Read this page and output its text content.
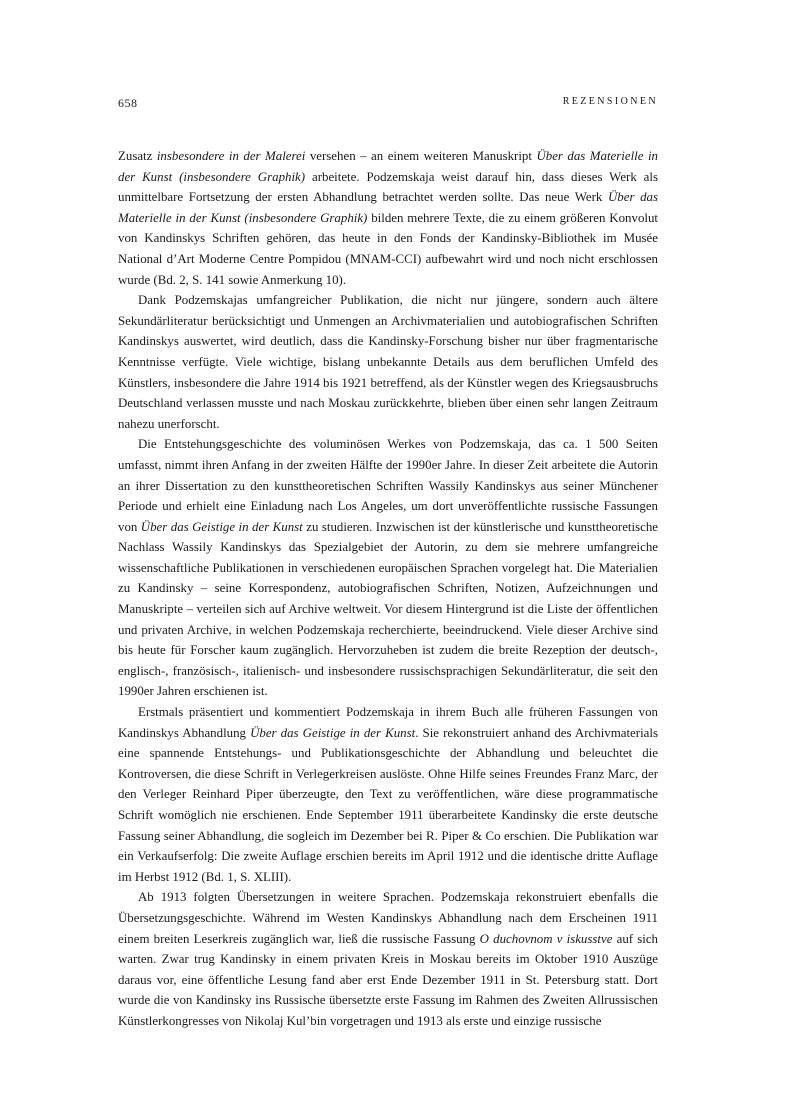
658	REZENSIONEN

Zusatz insbesondere in der Malerei versehen – an einem weiteren Manuskript Über das Materielle in der Kunst (insbesondere Graphik) arbeitete. Podzemskaja weist darauf hin, dass dieses Werk als unmittelbare Fortsetzung der ersten Abhandlung betrachtet werden sollte. Das neue Werk Über das Materielle in der Kunst (insbesondere Graphik) bilden mehrere Texte, die zu einem größeren Konvolut von Kandinskys Schriften gehören, das heute in den Fonds der Kandinsky-Bibliothek im Musée National d’Art Moderne Centre Pompidou (MNAM-CCI) aufbewahrt wird und noch nicht erschlossen wurde (Bd. 2, S. 141 sowie Anmerkung 10).

Dank Podzemskajas umfangreicher Publikation, die nicht nur jüngere, sondern auch ältere Sekundärliteratur berücksichtigt und Unmengen an Archivmaterialien und autobiografischen Schriften Kandinskys auswertet, wird deutlich, dass die Kandinsky-Forschung bisher nur über fragmentarische Kenntnisse verfügte. Viele wichtige, bislang unbekannte Details aus dem beruflichen Umfeld des Künstlers, insbesondere die Jahre 1914 bis 1921 betreffend, als der Künstler wegen des Kriegsausbruchs Deutschland verlassen musste und nach Moskau zurückkehrte, blieben über einen sehr langen Zeitraum nahezu unerforscht.

Die Entstehungsgeschichte des voluminösen Werkes von Podzemskaja, das ca. 1 500 Seiten umfasst, nimmt ihren Anfang in der zweiten Hälfte der 1990er Jahre. In dieser Zeit arbeitete die Autorin an ihrer Dissertation zu den kunsttheoretischen Schriften Wassily Kandinskys aus seiner Münchener Periode und erhielt eine Einladung nach Los Angeles, um dort unveröffentlichte russische Fassungen von Über das Geistige in der Kunst zu studieren. Inzwischen ist der künstlerische und kunsttheoretische Nachlass Wassily Kandinskys das Spezialgebiet der Autorin, zu dem sie mehrere umfangreiche wissenschaftliche Publikationen in verschiedenen europäischen Sprachen vorgelegt hat. Die Materialien zu Kandinsky – seine Korrespondenz, autobiografischen Schriften, Notizen, Aufzeichnungen und Manuskripte – verteilen sich auf Archive weltweit. Vor diesem Hintergrund ist die Liste der öffentlichen und privaten Archive, in welchen Podzemskaja recherchierte, beeindruckend. Viele dieser Archive sind bis heute für Forscher kaum zugänglich. Hervorzuheben ist zudem die breite Rezeption der deutsch-, englisch-, französisch-, italienisch- und insbesondere russischsprachigen Sekundärliteratur, die seit den 1990er Jahren erschienen ist.

Erstmals präsentiert und kommentiert Podzemskaja in ihrem Buch alle früheren Fassungen von Kandinskys Abhandlung Über das Geistige in der Kunst. Sie rekonstruiert anhand des Archivmaterials eine spannende Entstehungs- und Publikationsgeschichte der Abhandlung und beleuchtet die Kontroversen, die diese Schrift in Verlegerkreisen auslöste. Ohne Hilfe seines Freundes Franz Marc, der den Verleger Reinhard Piper überzeugte, den Text zu veröffentlichen, wäre diese programmatische Schrift womöglich nie erschienen. Ende September 1911 überarbeitete Kandinsky die erste deutsche Fassung seiner Abhandlung, die sogleich im Dezember bei R. Piper & Co erschien. Die Publikation war ein Verkaufserfolg: Die zweite Auflage erschien bereits im April 1912 und die identische dritte Auflage im Herbst 1912 (Bd. 1, S. XLIII).

Ab 1913 folgten Übersetzungen in weitere Sprachen. Podzemskaja rekonstruiert ebenfalls die Übersetzungsgeschichte. Während im Westen Kandinskys Abhandlung nach dem Erscheinen 1911 einem breiten Leserkreis zugänglich war, ließ die russische Fassung O duchovnom v iskusstve auf sich warten. Zwar trug Kandinsky in einem privaten Kreis in Moskau bereits im Oktober 1910 Auszüge daraus vor, eine öffentliche Lesung fand aber erst Ende Dezember 1911 in St. Petersburg statt. Dort wurde die von Kandinsky ins Russische übersetzte erste Fassung im Rahmen des Zweiten Allrussischen Künstlerkongresses von Nikolaj Kul’bin vorgetragen und 1913 als erste und einzige russische
